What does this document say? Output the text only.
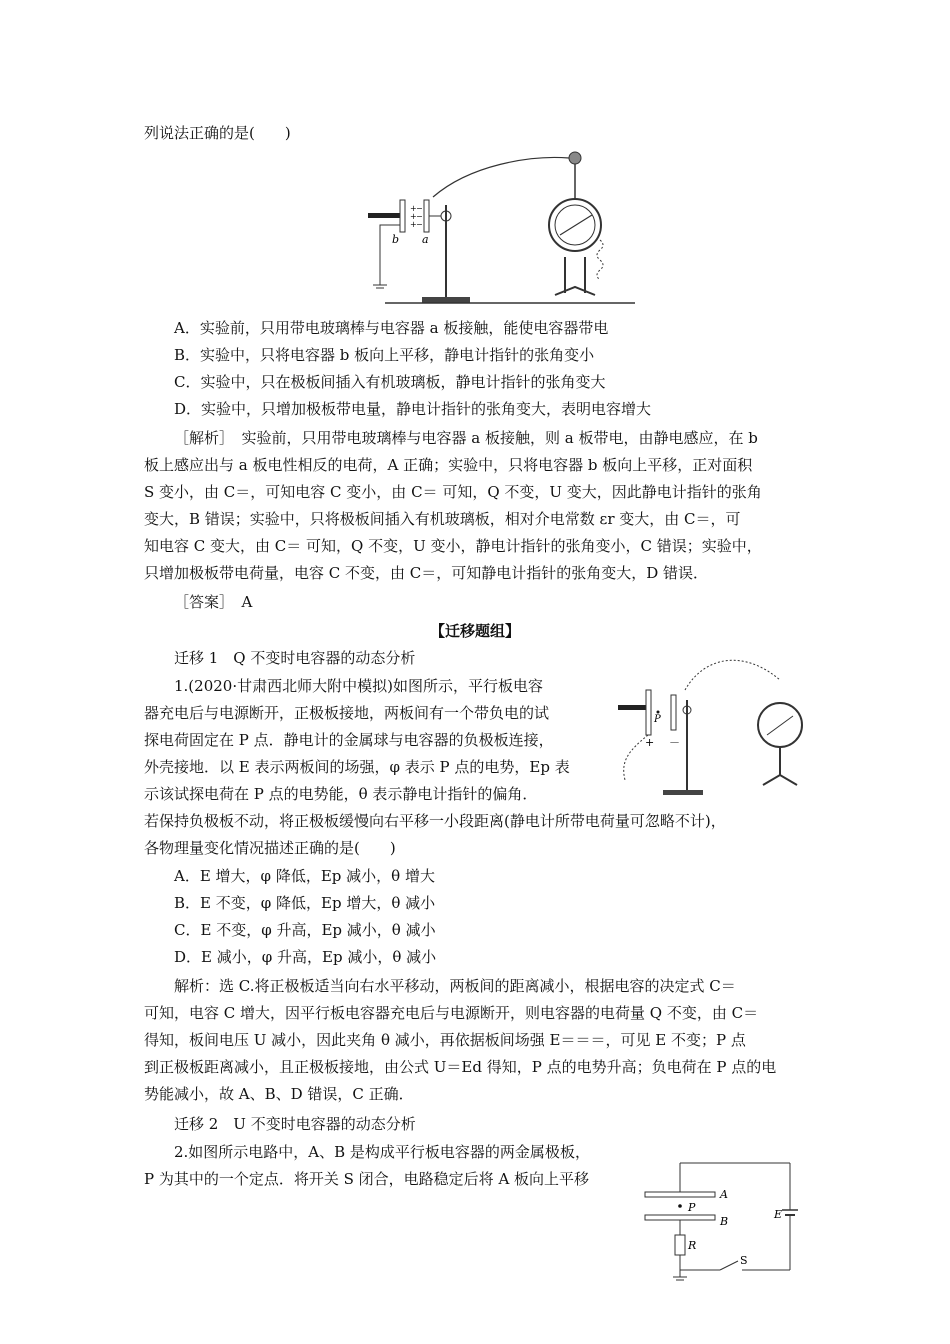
列说法正确的是(　　)
A．实验前，只用带电玻璃棒与电容器 a 板接触，能使电容器带电
B．实验中，只将电容器 b 板向上平移，静电计指针的张角变小
C．实验中，只在极板间插入有机玻璃板，静电计指针的张角变大
D．实验中，只增加极板带电量，静电计指针的张角变大，表明电容增大
［解析］　实验前，只用带电玻璃棒与电容器 a 板接触，则 a 板带电，由静电感应，在 b
板上感应出与 a 板电性相反的电荷，A 正确；实验中，只将电容器 b 板向上平移，正对面积
S 变小，由 C＝，可知电容 C 变小，由 C＝ 可知，Q 不变，U 变大，因此静电计指针的张角
变大，B 错误；实验中，只将极板间插入有机玻璃板，相对介电常数 εr 变大，由 C＝，可
知电容 C 变大，由 C＝ 可知，Q 不变，U 变小，静电计指针的张角变小，C 错误；实验中，
只增加极板带电荷量，电容 C 不变，由 C＝，可知静电计指针的张角变大，D 错误．
［答案］　A
迁移 1　Q 不变时电容器的动态分析
1.(2020·甘肃西北师大附中模拟)如图所示，平行板电容
器充电后与电源断开，正极板接地，两板间有一个带负电的试
探电荷固定在 P 点．静电计的金属球与电容器的负极板连接，
外壳接地．以 E 表示两板间的场强，φ 表示 P 点的电势，Ep 表
示该试探电荷在 P 点的电势能，θ 表示静电计指针的偏角．
若保持负极板不动，将正极板缓慢向右平移一小段距离(静电计所带电荷量可忽略不计)，
各物理量变化情况描述正确的是(　　)
A．E 增大，φ 降低，Ep 减小，θ 增大
B．E 不变，φ 降低，Ep 增大，θ 减小
C．E 不变，φ 升高，Ep 减小，θ 减小
D．E 减小，φ 升高，Ep 减小，θ 减小
解析：选 C.将正极板适当向右水平移动，两板间的距离减小，根据电容的决定式 C＝
可知，电容 C 增大，因平行板电容器充电后与电源断开，则电容器的电荷量 Q 不变，由 C＝
得知，板间电压 U 减小，因此夹角 θ 减小，再依据板间场强 E＝＝＝，可见 E 不变；P 点
到正极板距离减小，且正极板接地，由公式 U＝Ed 得知，P 点的电势升高；负电荷在 P 点的电
势能减小，故 A、B、D 错误，C 正确．
迁移 2　U 不变时电容器的动态分析
2.如图所示电路中，A、B 是构成平行板电容器的两金属极板，
P 为其中的一个定点．将开关 S 闭合，电路稳定后将 A 板向上平移
【迁移题组】
+
+
+
−
−
−
b a
P
+ －
A
B
P
E
R
S
